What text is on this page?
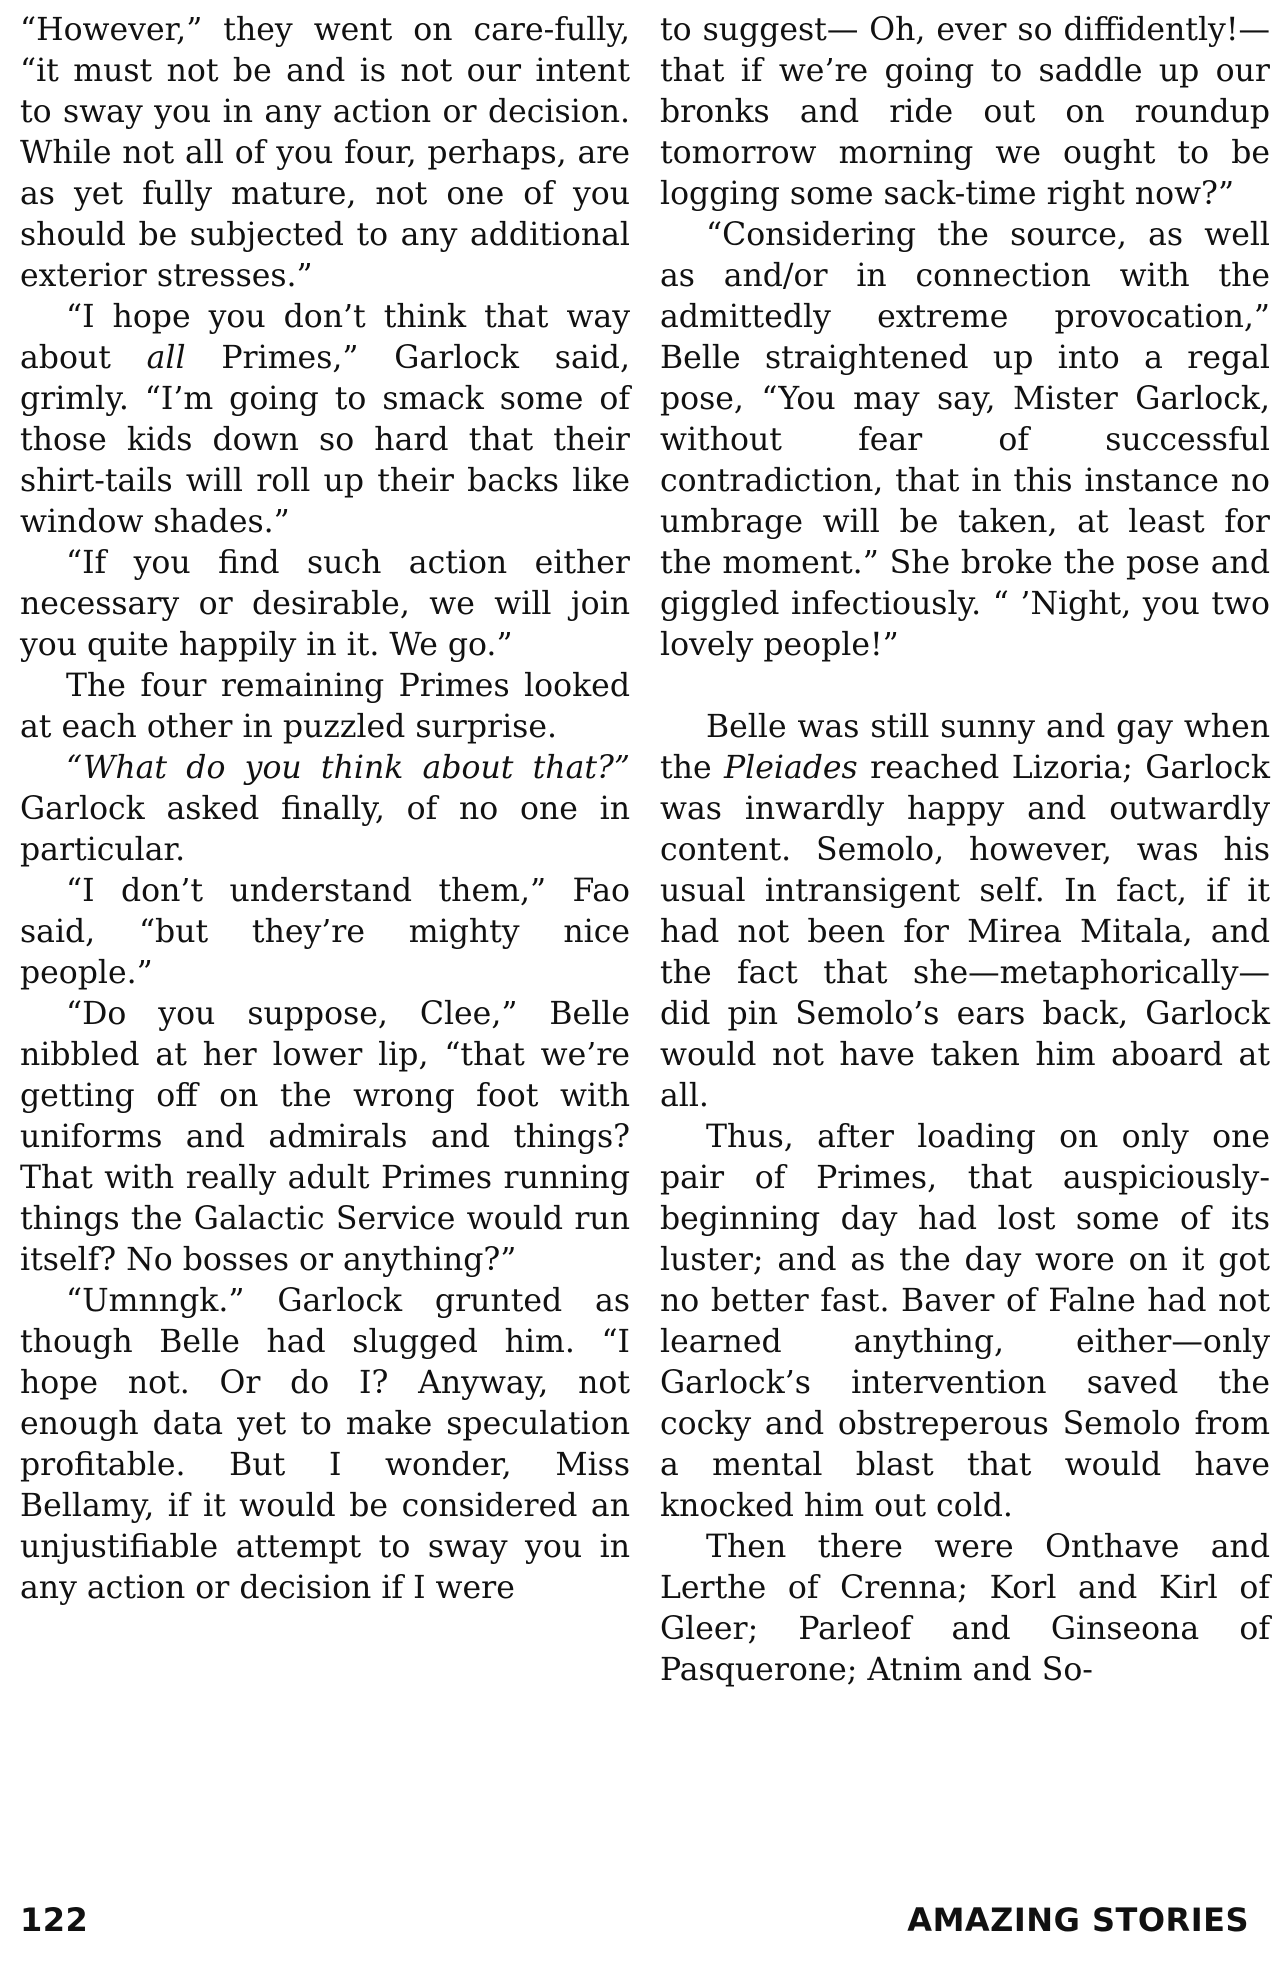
“However,” they went on care-fully, “it must not be and is not our intent to sway you in any action or decision. While not all of you four, perhaps, are as yet fully mature, not one of you should be subjected to any additional exterior stresses.”

“I hope you don’t think that way about all Primes,” Garlock said, grimly. “I’m going to smack some of those kids down so hard that their shirt-tails will roll up their backs like window shades.”

“If you find such action either necessary or desirable, we will join you quite happily in it. We go.”

The four remaining Primes looked at each other in puzzled surprise.

“What do you think about that?” Garlock asked finally, of no one in particular.

“I don’t understand them,” Fao said, “but they’re mighty nice people.”

“Do you suppose, Clee,” Belle nibbled at her lower lip, “that we’re getting off on the wrong foot with uniforms and admirals and things? That with really adult Primes running things the Galactic Service would run itself? No bosses or anything?”

“Umnngk.” Garlock grunted as though Belle had slugged him. “I hope not. Or do I? Anyway, not enough data yet to make speculation profitable. But I wonder, Miss Bellamy, if it would be considered an unjustifiable attempt to sway you in any action or decision if I were

to suggest— Oh, ever so diffidently!—that if we’re going to saddle up our bronks and ride out on roundup tomorrow morning we ought to be logging some sack-time right now?”

“Considering the source, as well as and/or in connection with the admittedly extreme provocation,” Belle straightened up into a regal pose, “You may say, Mister Garlock, without fear of successful contradiction, that in this instance no umbrage will be taken, at least for the moment.” She broke the pose and giggled infectiously. “ ’Night, you two lovely people!”

Belle was still sunny and gay when the Pleiades reached Lizoria; Garlock was inwardly happy and outwardly content. Semolo, however, was his usual intransigent self. In fact, if it had not been for Mirea Mitala, and the fact that she—metaphorically—did pin Semolo’s ears back, Garlock would not have taken him aboard at all.

Thus, after loading on only one pair of Primes, that auspiciously-beginning day had lost some of its luster; and as the day wore on it got no better fast. Baver of Falne had not learned anything, either—only Garlock’s intervention saved the cocky and obstreperous Semolo from a mental blast that would have knocked him out cold.

Then there were Onthave and Lerthe of Crenna; Korl and Kirl of Gleer; Parleof and Ginseona of Pasquerone; Atnim and So-

122	AMAZING STORIES
